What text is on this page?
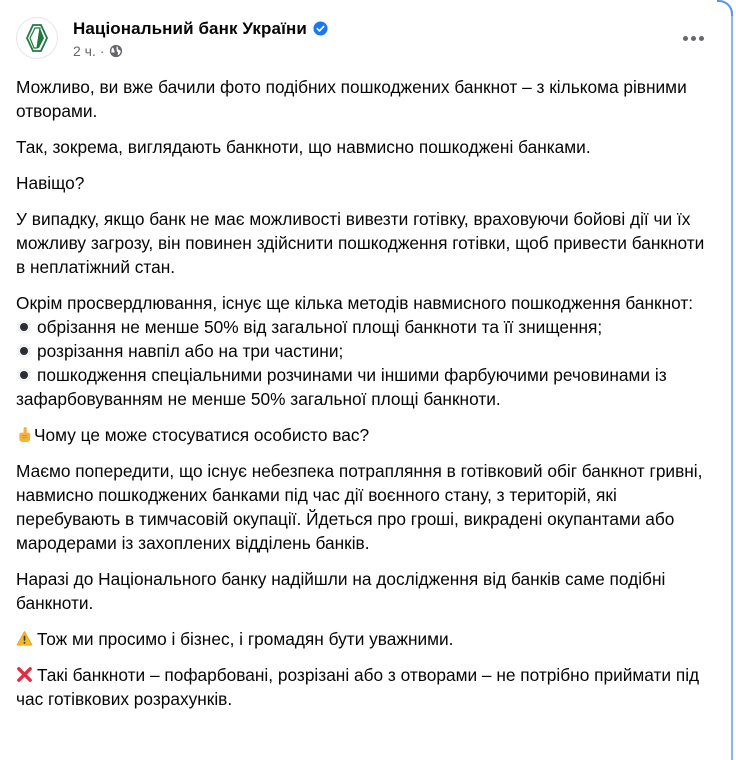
Національний банк України
2 ч. ·

Можливо, ви вже бачили фото подібних пошкоджених банкнот – з кількома рівними отворами.

Так, зокрема, виглядають банкноти, що навмисно пошкоджені банками.

Навіщо?

У випадку, якщо банк не має можливості вивезти готівку, враховуючи бойові дії чи їх можливу загрозу, він повинен здійснити пошкодження готівки, щоб привести банкноти в неплатіжний стан.

Окрім просвердлювання, існує ще кілька методів навмисного пошкодження банкнот:
обрізання не менше 50% від загальної площі банкноти та її знищення;
розрізання навпіл або на три частини;
пошкодження спеціальними розчинами чи іншими фарбуючими речовинами із зафарбовуванням не менше 50% загальної площі банкноти.

Чому це може стосуватися особисто вас?

Маємо попередити, що існує небезпека потрапляння в готівковий обіг банкнот гривні, навмисно пошкоджених банками під час дії воєнного стану, з територій, які перебувають в тимчасовій окупації. Йдеться про гроші, викрадені окупантами або мародерами із захоплених відділень банків.

Наразі до Національного банку надійшли на дослідження від банків саме подібні банкноти.

Тож ми просимо і бізнес, і громадян бути уважними.

Такі банкноти – пофарбовані, розрізані або з отворами – не потрібно приймати під час готівкових розрахунків.
